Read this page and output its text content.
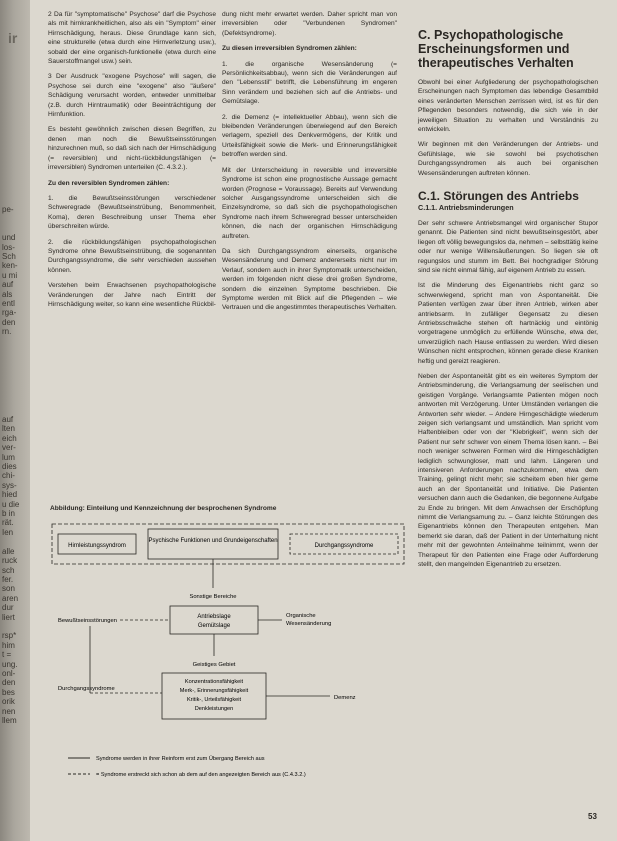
ir
pe-

und
los-
Sch
ken-
u mi
auf
als
entl
rga-
den
rn.
auf
lten
eich
ver-
lum
dies
chi-
sys-
hied
u die
b in
rät.
Ien

alle
ruck
sch
fer.
son
aren
dur
liert

rsp*
him
t =
ung.
onl-
den
bes
orik
nen
llem

2 Da für "symptomatische" Psychose" darf die Psychose als mit hirnkrankheitlichen, also als ein "Symptom" einer Hirnschädigung, heraus. Diese Grundlage kann sich, eine strukturelle (etwa durch eine Hirnverletzung usw.), sobald der eine organisch-funktionelle (etwa durch eine Sauerstoffmangel usw.) sein.

3 Der Ausdruck "exogene Psychose" will sagen, die Psychose sei durch eine "exogene" also "äußere" Schädigung verursacht worden, entweder unmittelbar (z.B. durch Hirntraumatik) oder Beeinträchtigung der Hirnfunktion.

Es besteht gewöhnlich zwischen diesen Begriffen, zu denen man noch die Bewußtseinsstörungen hinzurechnen muß, so daß sich nach der Hirnschädigung (= reversiblen) und nicht-rückbildungsfähigen (= irreversiblen) Syndromen unterteilen (C. 4.3.2.).

Zu den reversiblen Syndromen zählen:

1. die Bewußtseinsstörungen verschiedener Schweregrade (Bewußtseinstrübung, Benommenheit, Koma), deren Beschreibung unser Thema eher überschreiten würde.

2. die rückbildungsfähigen psychopathologischen Syndrome ohne Bewußtseinstrübung, die sogenannten Durchgangssyndrome, die sehr verschieden aussehen können.

Verstehen beim Erwachsenen psychopathologische Veränderungen der Jahre nach Eintritt der Hirnschädigung weiter, so kann eine wesentliche Rückbil-

dung nicht mehr erwartet werden. Daher spricht man von irreversiblen oder "Verbundenen Syndromen" (Defektsyndrome).

Zu diesen irreversiblen Syndromen zählen:

1. die organische Wesensänderung (= Persönlichkeitsabbau), wenn sich die Veränderungen auf den "Lebensstil" betrifft, die Lebensführung im engeren Sinn verändern und beziehen sich auf die Antriebs- und Gemütslage.

2. die Demenz (= intellektueller Abbau), wenn sich die bleibenden Veränderungen überwiegend auf den Bereich verlagern, speziell des Denkvermögens, der Kritik und Urteilsfähigkeit sowie die Merk- und Erinnerungsfähigkeit betroffen werden sind.

Mit der Unterscheidung in reversible und irreversible Syndrome ist schon eine prognostische Aussage gemacht worden (Prognose = Voraussage). Bereits auf Verwendung solcher Ausgangssyndrome unterscheiden sich die Einzelsyndrome, so daß sich die psychopathologischen Syndrome nach ihrem Schweregrad besser unterscheiden können, die nach der organischen Hirnschädigung auftreten.

Da sich Durchgangssyndrom einerseits, organische Wesensänderung und Demenz andererseits nicht nur im Verlauf, sondern auch in ihrer Symptomatik unterscheiden, werden im folgenden nicht diese drei großen Syndrome, sondern die einzelnen Symptome beschrieben. Die Symptome werden mit Blick auf die Pflegenden – wie Vertrauen und die angestimmtes therapeutisches Verhalten.

C. Psychopathologische Erscheinungsformen und therapeutisches Verhalten

Obwohl bei einer Aufgliederung der psychopathologischen Erscheinungen nach Symptomen das lebendige Gesamtbild eines veränderten Menschen zerrissen wird, ist es für den Pflegenden besonders notwendig, die sich wie in der jeweiligen Situation zu verhalten und Verständnis zu entwickeln.

Wir beginnen mit den Veränderungen der Antriebs- und Gefühlslage, wie sie sowohl bei psychotischen Durchgangssyndromen als auch bei organischen Wesensänderungen auftreten können.

C.1. Störungen des Antriebs
C.1.1. Antriebsminderungen

Der sehr schwere Antriebsmangel wird organischer Stupor genannt. Die Patienten sind nicht bewußtseinsgestört, aber liegen oft völlig bewegungslos da, nehmen – selbsttätig keine oder nur wenige Willensäußerungen. So liegen sie oft regungslos und stumm im Bett. Bei hochgradiger Störung sind sie nicht einmal fähig, auf eigenem Antrieb zu essen.

Ist die Minderung des Eigenantriebs nicht ganz so schwerwiegend, spricht man von Aspontaneität. Die Patienten verfügen zwar über ihren Antrieb, wirken aber antriebsarm. In zufälliger Gegensatz zu diesen Antriebsschwäche stehen oft hartnäckig und eintönig vorgetragene unmöglich zu erfüllende Wünsche, etwa der, unverzüglich nach Hause entlassen zu werden. Wird diesen Wünschen nicht entsprochen, können gerade diese Kranken heftig und gereizt reagieren.

Neben der Aspontaneität gibt es ein weiteres Symptom der Antriebsminderung, die Verlangsamung der seelischen und geistigen Vorgänge. Verlangsamte Patienten mögen noch antworten mit Verzögerung. Unter Umständen verlangen die Antworten sehr wieder. – Andere Hirngeschädigte wiederum zeigen sich verlangsamt und umständlich. Man spricht vom Haftenbleiben oder von der "Klebrigkeit", wenn sich der Patient nur sehr schwer von einem Thema lösen kann. – Bei noch weniger schweren Formen wird die Hirngeschädigten lediglich schwungloser, matt und lahm. Längeren und intensiveren Anforderungen nachzukommen, etwa dem Training, gelingt nicht mehr; sie scheitern eben hier gerne auch an der Spontaneität und Initiative. Die Patienten versuchen dann auch die Gedanken, die begonnene Aufgabe zu Ende zu bringen. Mit dem Anwachsen der Erschöpfung nimmt die Verlangsamung zu. – Ganz leichte Störungen des Eigenantriebs können den Therapeuten entgehen. Man bemerkt sie daran, daß der Patient in der Unterhaltung nicht mehr mit der gewohnten Anteilnahme teilnimmt, wenn der Therapeut für den Patienten eine Frage oder Aufforderung stellt, den mangelnden Eigenantrieb zu ersetzen.

Abbildung: Einteilung und Kennzeichnung der besprochenen Syndrome
Hirnleistungssyndrom
Psychische Funktionen und Grundeigenschaften
Durchgangssyndrome
Sonstige Bereiche
Bewußtseinsstörungen
Antriebslage
Gemütslage
Organische
Wesensänderung
Geistiges Gebiet
Konzentrationsfähigkeit
Merk-, Erinnerungsfähigkeit
Kritik-, Urteilsfähigkeit
Denkleistungen
Durchgangssyndrome
Demenz
Syndrome werden in ihrer Reinform erst zum Übergang Bereich aus
= Syndrome erstreckt sich schon ab dem auf den angezeigten Bereich aus (C.4.3.2.)
53
